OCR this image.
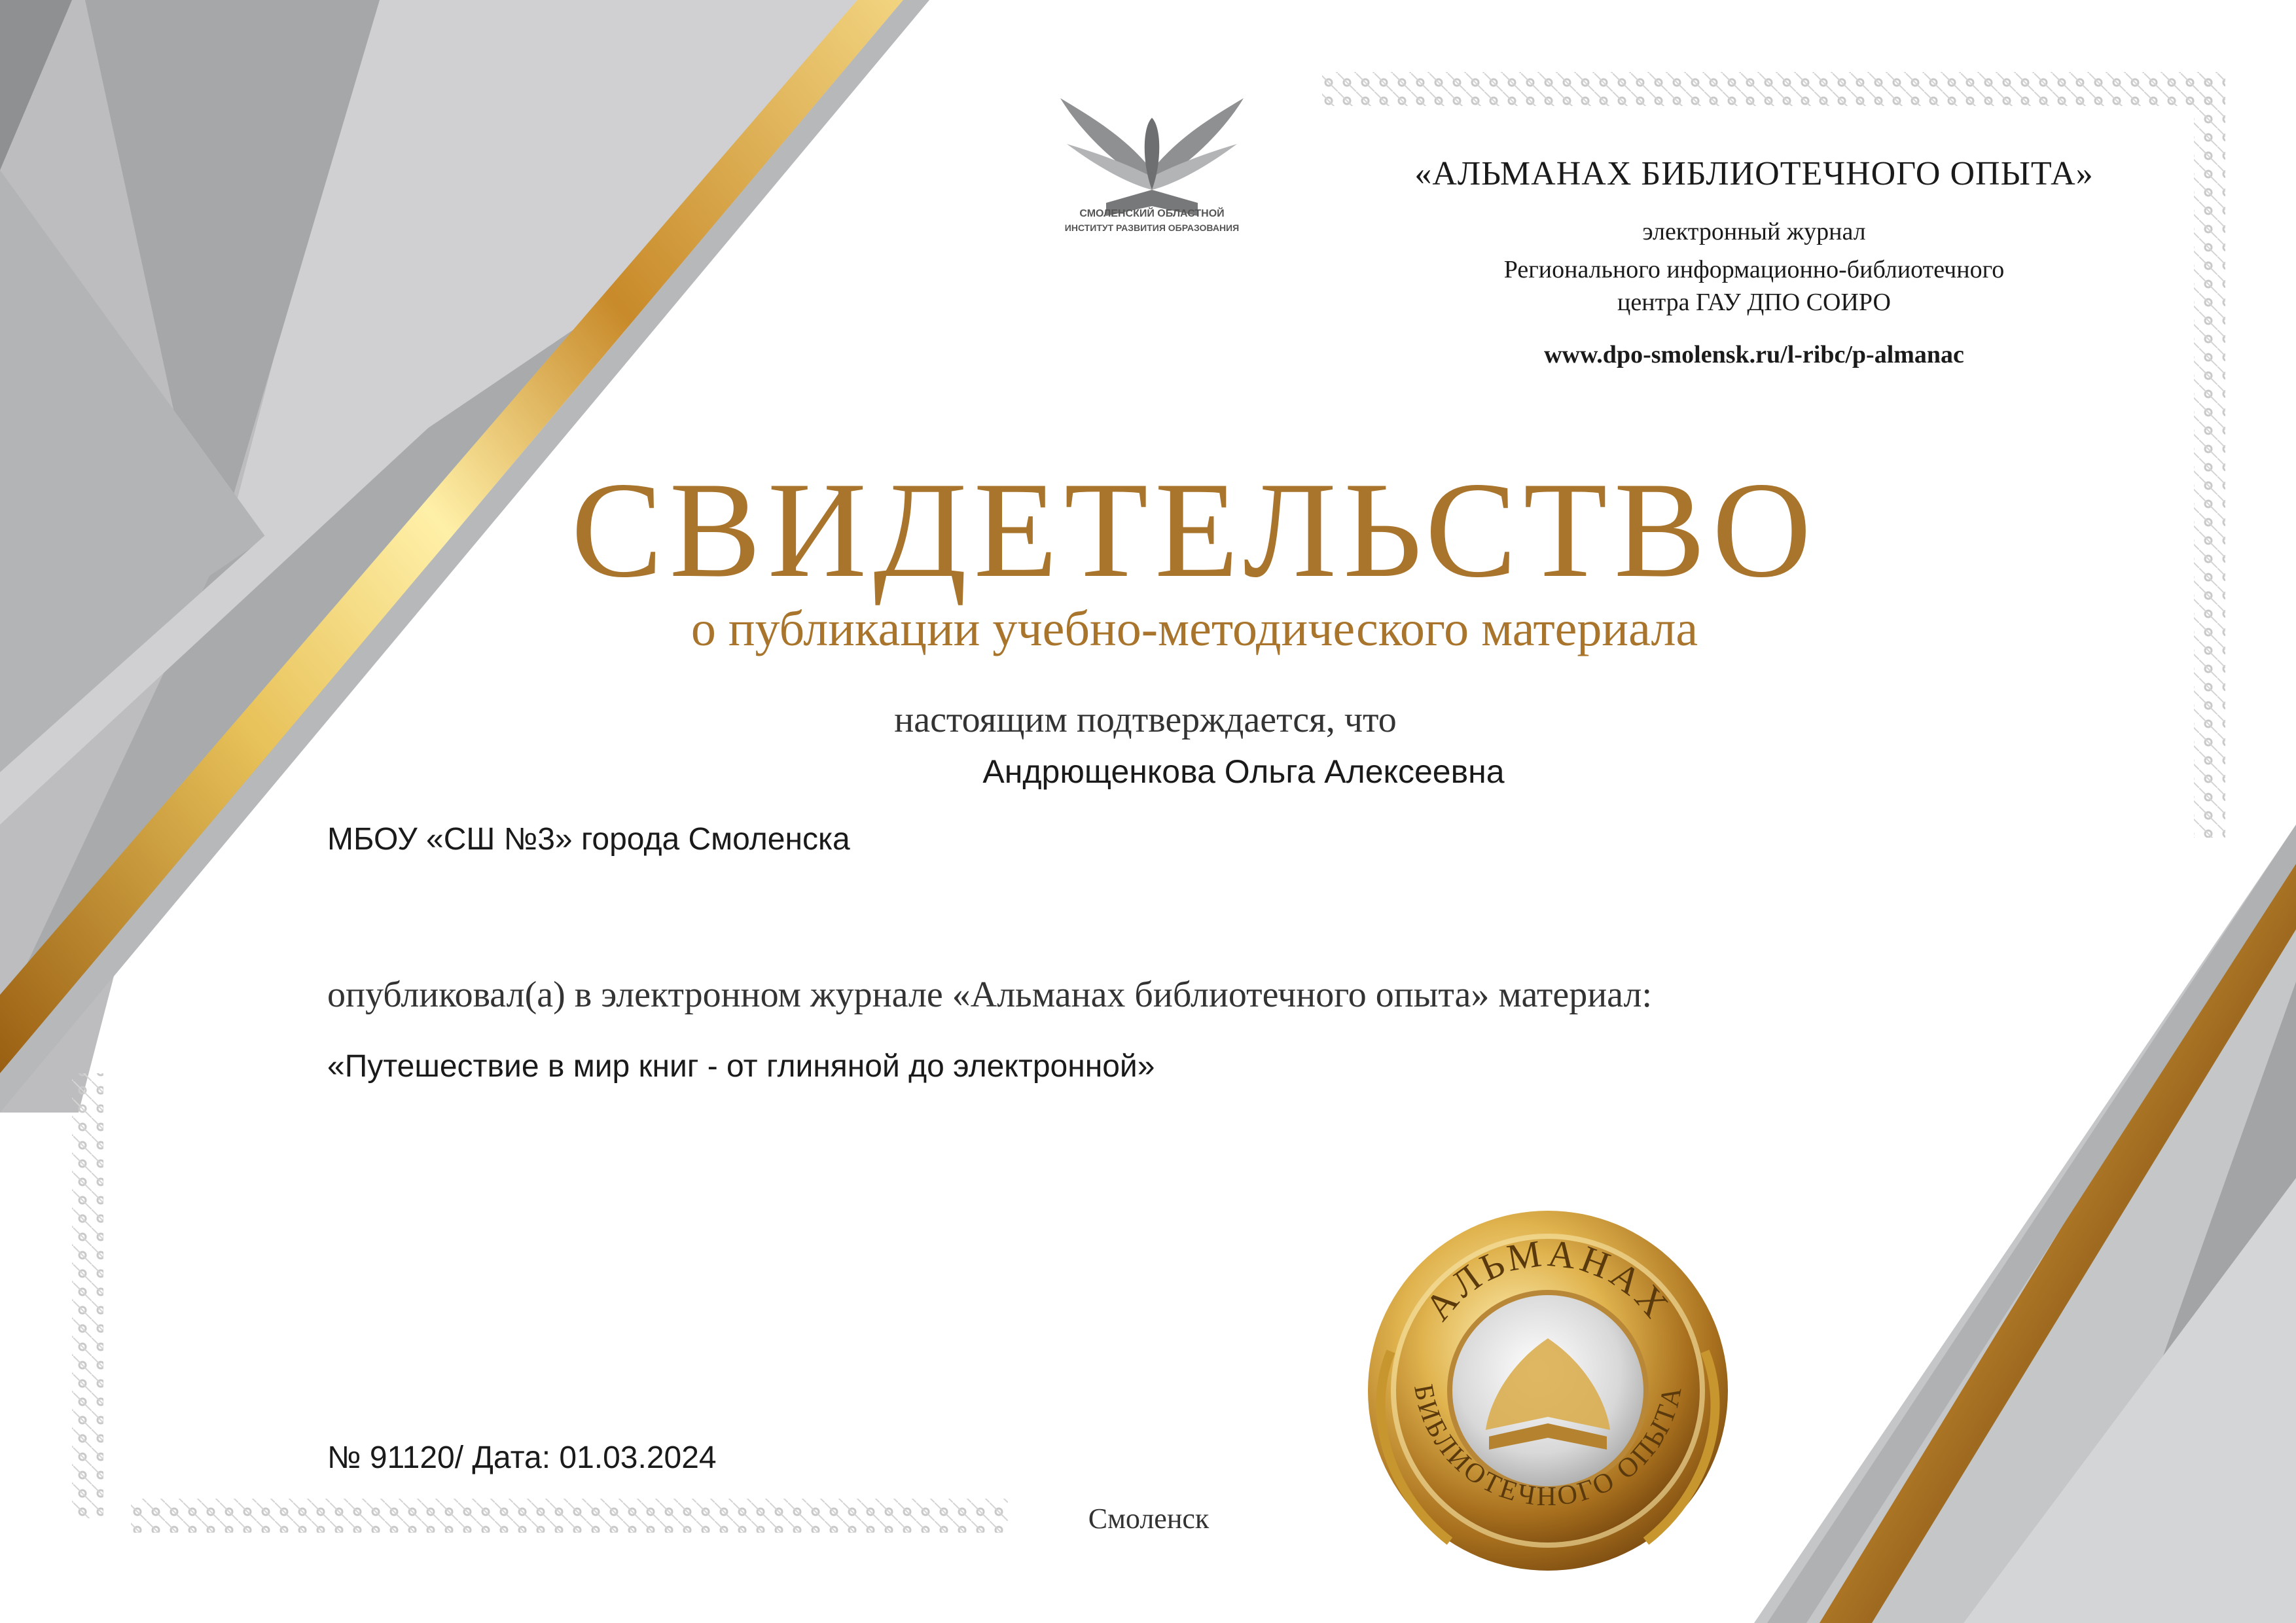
СМОЛЕНСКИЙ ОБЛАСТНОЙ
ИНСТИТУТ РАЗВИТИЯ ОБРАЗОВАНИЯ
«АЛЬМАНАХ БИБЛИОТЕЧНОГО ОПЫТА»
электронный журнал
Регионального информационно-библиотечного
центра ГАУ ДПО СОИРО
www.dpo-smolensk.ru/l-ribc/p-almanac
СВИДЕТЕЛЬСТВО
о публикации учебно-методического материала
настоящим подтверждается, что
Андрющенкова Ольга Алексеевна
МБОУ «СШ №3» города Смоленска
опубликовал(а) в электронном журнале «Альманах библиотечного опыта» материал:
«Путешествие в мир книг - от глиняной до электронной»
№ 91120/ Дата: 01.03.2024
Смоленск
АЛЬМАНАХ
БИБЛИОТЕЧНОГО ОПЫТА
